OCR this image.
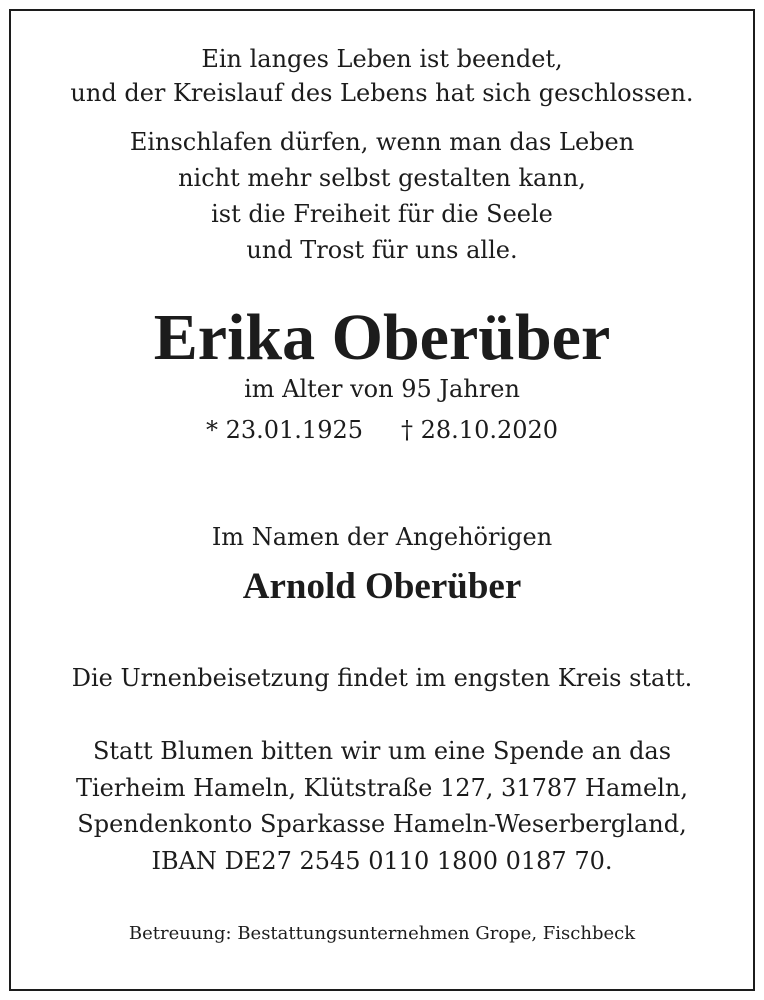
Ein langes Leben ist beendet,
und der Kreislauf des Lebens hat sich geschlossen.
Einschlafen dürfen, wenn man das Leben
nicht mehr selbst gestalten kann,
ist die Freiheit für die Seele
und Trost für uns alle.
Erika Oberüber
im Alter von 95 Jahren
* 23.01.1925 † 28.10.2020
Im Namen der Angehörigen
Arnold Oberüber
Die Urnenbeisetzung findet im engsten Kreis statt.
Statt Blumen bitten wir um eine Spende an das
Tierheim Hameln, Klütstraße 127, 31787 Hameln,
Spendenkonto Sparkasse Hameln-Weserbergland,
IBAN DE27 2545 0110 1800 0187 70.
Betreuung: Bestattungsunternehmen Grope, Fischbeck
